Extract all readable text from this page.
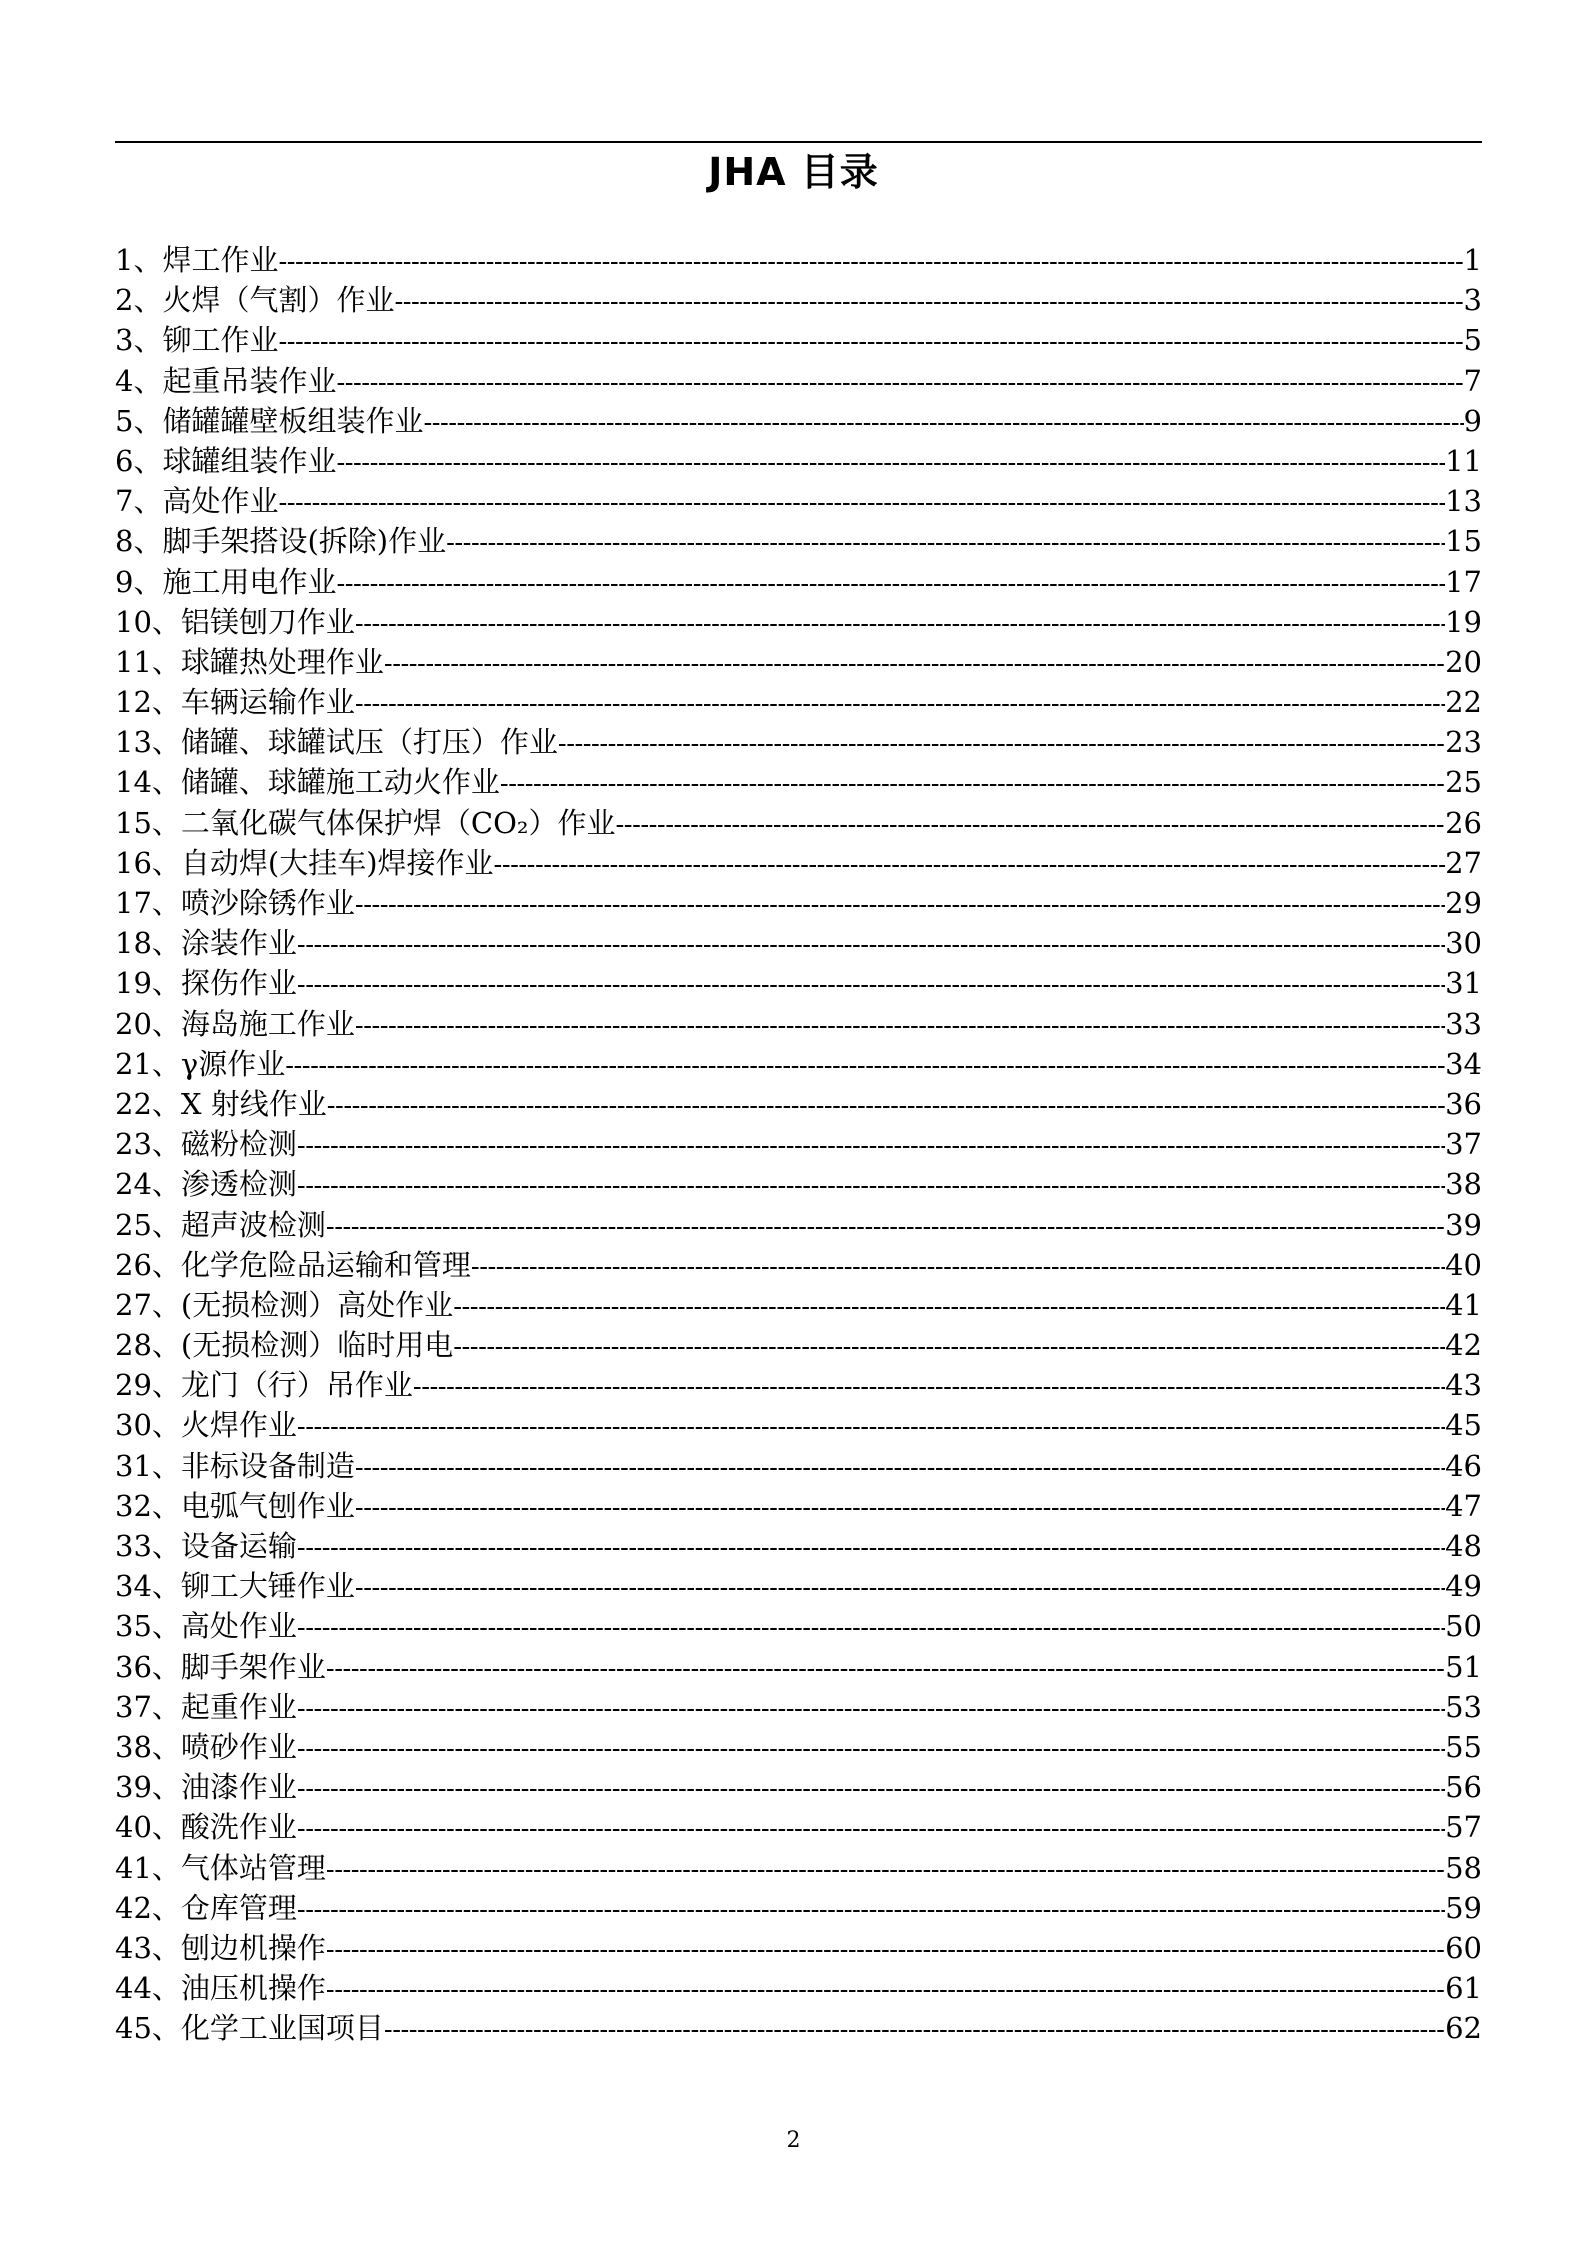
JHA 目录
1、焊工作业 -----	1
2、火焊（气割）作业 -----	3
3、铆工作业 -----	5
4、起重吊装作业 -----	7
5、储罐罐壁板组装作业 -----	9
6、球罐组装作业 -----	11
7、高处作业 -----	13
8、脚手架搭设(拆除)作业 -----	15
9、施工用电作业 -----	17
10、铝镁刨刀作业 -----	19
11、球罐热处理作业 -----	20
12、车辆运输作业 -----	22
13、储罐、球罐试压（打压）作业 -----	23
14、储罐、球罐施工动火作业 -----	25
15、二氧化碳气体保护焊（CO₂）作业 -----	26
16、自动焊(大挂车)焊接作业 -----	27
17、喷沙除锈作业 -----	29
18、涂装作业 -----	30
19、探伤作业 -----	31
20、海岛施工作业 -----	33
21、γ源作业 -----	34
22、X 射线作业 -----	36
23、磁粉检测 -----	37
24、渗透检测 -----	38
25、超声波检测 -----	39
26、化学危险品运输和管理 -----	40
27、(无损检测）高处作业 -----	41
28、(无损检测）临时用电 -----	42
29、龙门（行）吊作业 -----	43
30、火焊作业 -----	45
31、非标设备制造 -----	46
32、电弧气刨作业 -----	47
33、设备运输 -----	48
34、铆工大锤作业 -----	49
35、高处作业 -----	50
36、脚手架作业 -----	51
37、起重作业 -----	53
38、喷砂作业 -----	55
39、油漆作业 -----	56
40、酸洗作业 -----	57
41、气体站管理 -----	58
42、仓库管理 -----	59
43、刨边机操作 -----	60
44、油压机操作 -----	61
45、化学工业国项目 -----	62
2
